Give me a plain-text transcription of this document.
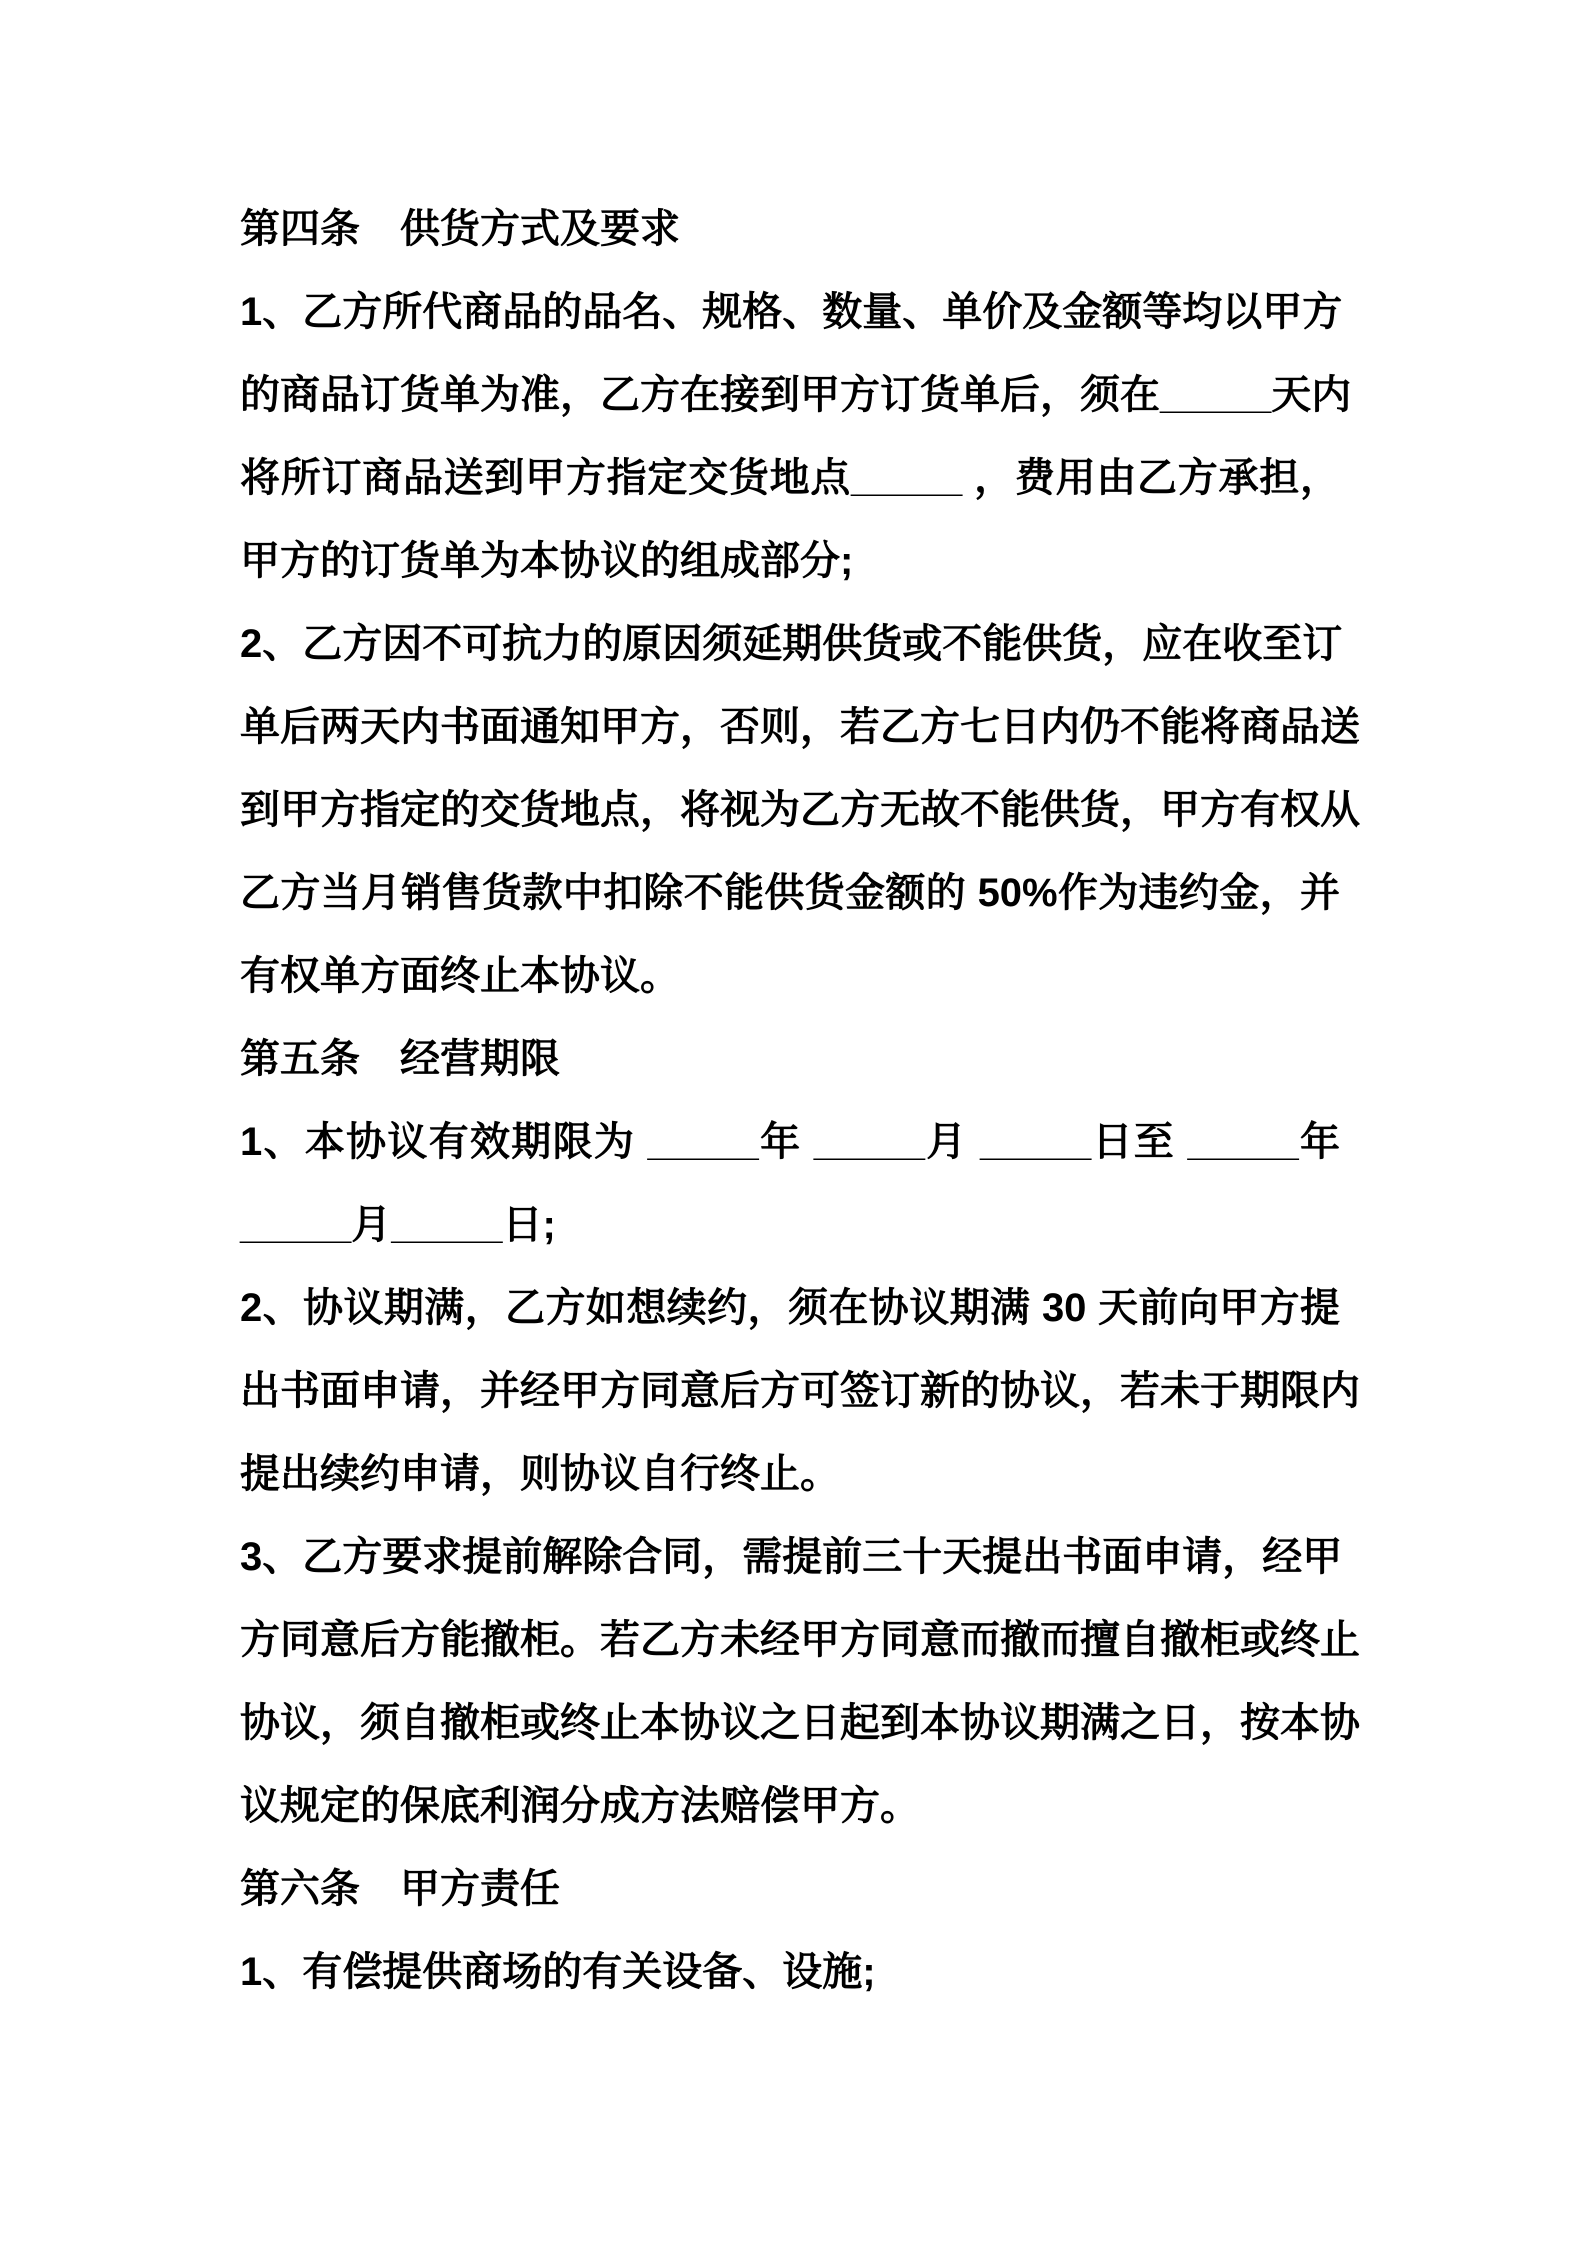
第四条　供货方式及要求
1、乙方所代商品的品名、规格、数量、单价及金额等均以甲方
的商品订货单为准，乙方在接到甲方订货单后，须在_____天内
将所订商品送到甲方指定交货地点_____ ，费用由乙方承担，
甲方的订货单为本协议的组成部分;
2、乙方因不可抗力的原因须延期供货或不能供货，应在收至订
单后两天内书面通知甲方，否则，若乙方七日内仍不能将商品送
到甲方指定的交货地点，将视为乙方无故不能供货，甲方有权从
乙方当月销售货款中扣除不能供货金额的 50%作为违约金，并
有权单方面终止本协议。
第五条　经营期限
1、本协议有效期限为 _____年 _____月 _____日至 _____年
_____月_____日;
2、协议期满，乙方如想续约，须在协议期满 30 天前向甲方提
出书面申请，并经甲方同意后方可签订新的协议，若未于期限内
提出续约申请，则协议自行终止。
3、乙方要求提前解除合同，需提前三十天提出书面申请，经甲
方同意后方能撤柜。若乙方未经甲方同意而撤而擅自撤柜或终止
协议，须自撤柜或终止本协议之日起到本协议期满之日，按本协
议规定的保底利润分成方法赔偿甲方。
第六条　甲方责任
1、有偿提供商场的有关设备、设施;
